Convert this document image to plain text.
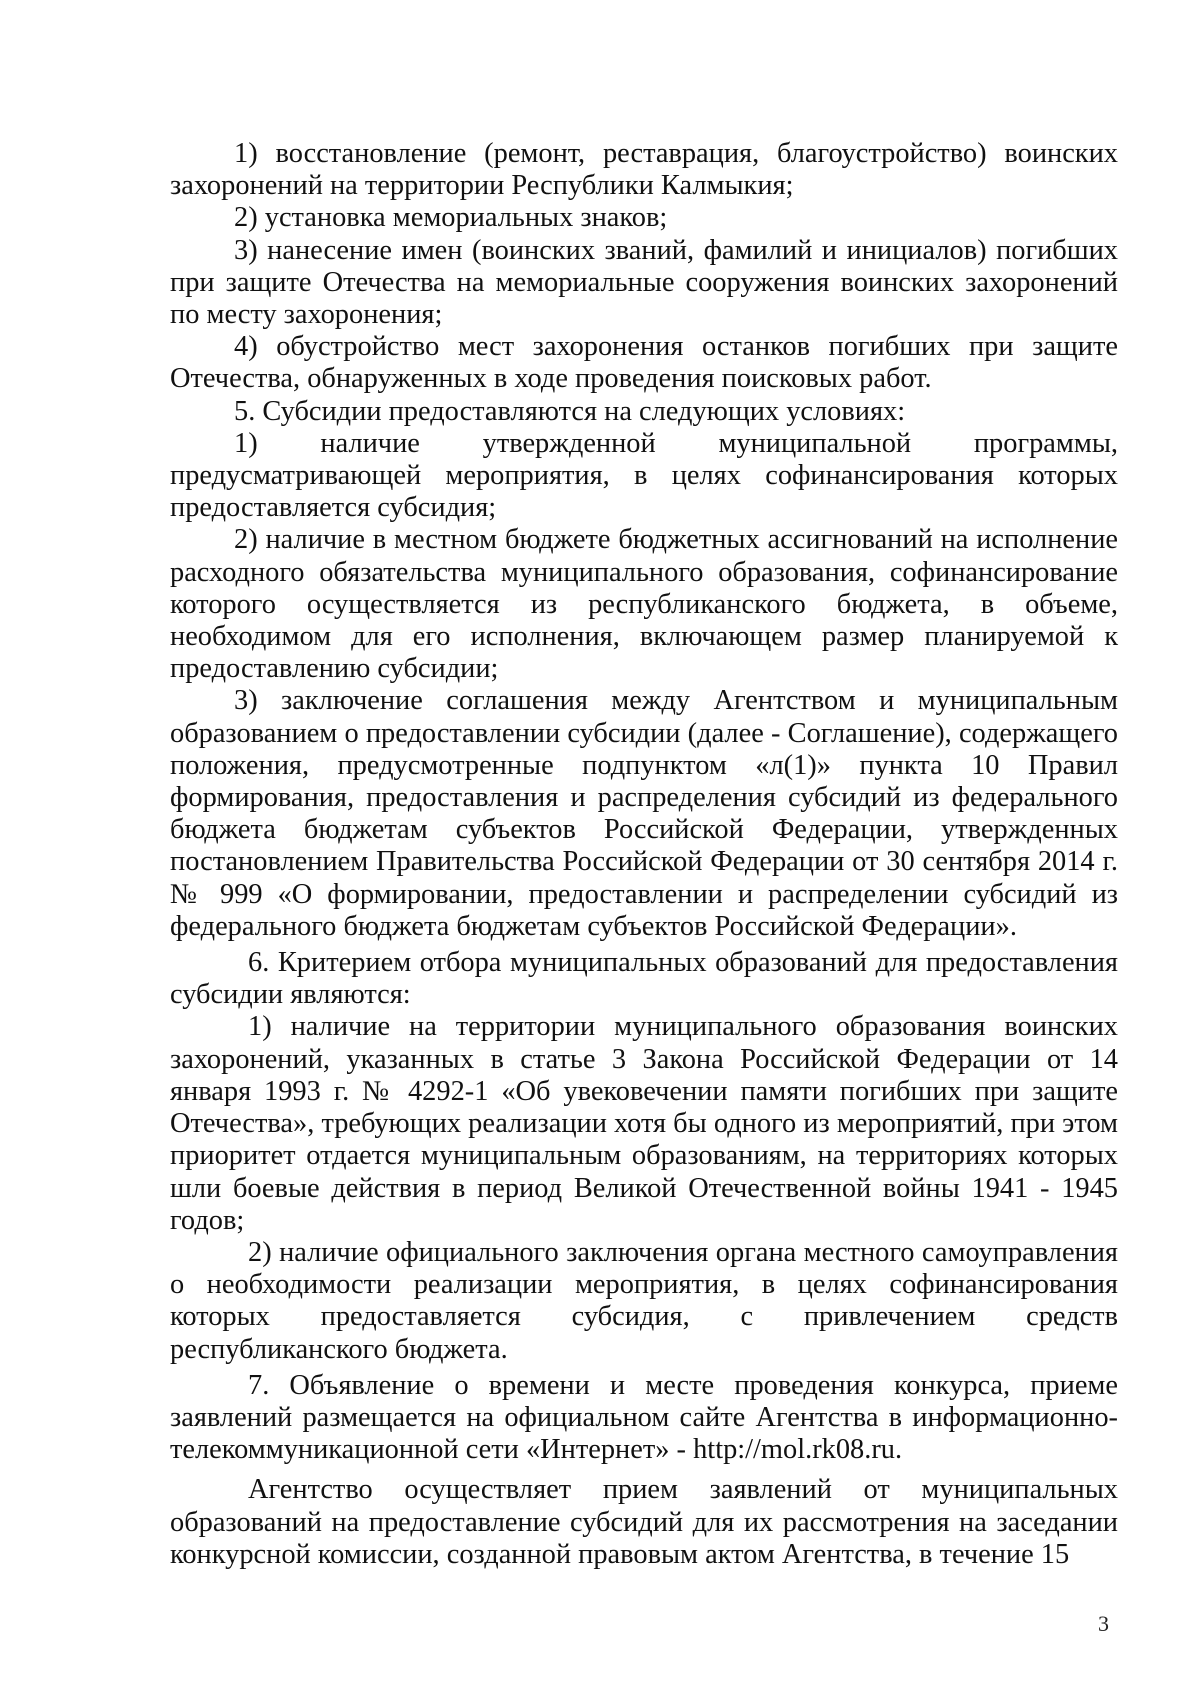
1) восстановление (ремонт, реставрация, благоустройство) воинских захоронений на территории Республики Калмыкия;

2) установка мемориальных знаков;

3) нанесение имен (воинских званий, фамилий и инициалов) погибших при защите Отечества на мемориальные сооружения воинских захоронений по месту захоронения;

4) обустройство мест захоронения останков погибших при защите Отечества, обнаруженных в ходе проведения поисковых работ.

5. Субсидии предоставляются на следующих условиях:

1) наличие утвержденной муниципальной программы, предусматривающей мероприятия, в целях софинансирования которых предоставляется субсидия;

2) наличие в местном бюджете бюджетных ассигнований на исполнение расходного обязательства муниципального образования, софинансирование которого осуществляется из республиканского бюджета, в объеме, необходимом для его исполнения, включающем размер планируемой к предоставлению субсидии;

3) заключение соглашения между Агентством и муниципальным образованием о предоставлении субсидии (далее - Соглашение), содержащего положения, предусмотренные подпунктом «л(1)» пункта 10 Правил формирования, предоставления и распределения субсидий из федерального бюджета бюджетам субъектов Российской Федерации, утвержденных постановлением Правительства Российской Федерации от 30 сентября 2014 г. № 999 «О формировании, предоставлении и распределении субсидий из федерального бюджета бюджетам субъектов Российской Федерации».

6. Критерием отбора муниципальных образований для предоставления субсидии являются:

1) наличие на территории муниципального образования воинских захоронений, указанных в статье 3 Закона Российской Федерации от 14 января 1993 г. № 4292-1 «Об увековечении памяти погибших при защите Отечества», требующих реализации хотя бы одного из мероприятий, при этом приоритет отдается муниципальным образованиям, на территориях которых шли боевые действия в период Великой Отечественной войны 1941 - 1945 годов;

2) наличие официального заключения органа местного самоуправления о необходимости реализации мероприятия, в целях софинансирования которых предоставляется субсидия, с привлечением средств республиканского бюджета.

7. Объявление о времени и месте проведения конкурса, приеме заявлений размещается на официальном сайте Агентства в информационно-телекоммуникационной сети «Интернет» - http://mol.rk08.ru.

Агентство осуществляет прием заявлений от муниципальных образований на предоставление субсидий для их рассмотрения на заседании конкурсной комиссии, созданной правовым актом Агентства, в течение 15

3
